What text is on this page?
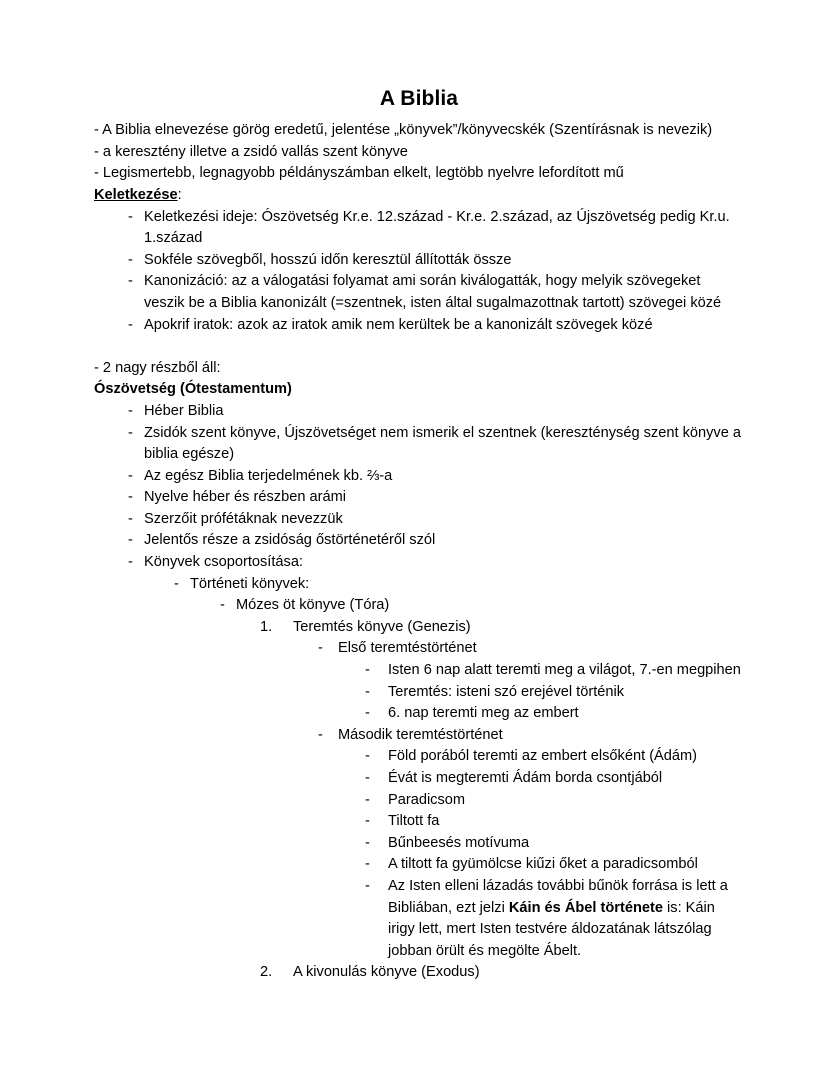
A Biblia

- A Biblia elnevezése görög eredetű, jelentése „könyvek”/könyvecskék (Szentírásnak is nevezik)

- a keresztény illetve a zsidó vallás szent könyve

- Legismertebb, legnagyobb példányszámban elkelt, legtöbb nyelvre lefordított mű

Keletkezése:

- Keletkezési ideje: Ószövetség Kr.e. 12.század - Kr.e. 2.század, az Újszövetség pedig Kr.u. 1.század
- Sokféle szövegből, hosszú időn keresztül állították össze
- Kanonizáció: az a válogatási folyamat ami során kiválogatták, hogy melyik szövegeket veszik be a Biblia kanonizált (=szentnek, isten által sugalmazottnak tartott) szövegei közé
- Apokrif iratok: azok az iratok amik nem kerültek be a kanonizált szövegek közé

- 2 nagy részből áll:

Ószövetség (Ótestamentum)

- Héber Biblia
- Zsidók szent könyve, Újszövetséget nem ismerik el szentnek (kereszténység szent könyve a biblia egésze)
- Az egész Biblia terjedelmének kb. ⅔-a
- Nyelve héber és részben arámi
- Szerzőit prófétáknak nevezzük
- Jelentős része a zsidóság őstörténetéről szól
- Könyvek csoportosítása:
- Történeti könyvek:
- Mózes öt könyve (Tóra)
1. Teremtés könyve (Genezis)
- Első teremtéstörténet
- Isten 6 nap alatt teremti meg a világot, 7.-en megpihen
- Teremtés: isteni szó erejével történik
- 6. nap teremti meg az embert
- Második teremtéstörténet
- Föld porából teremti az embert elsőként (Ádám)
- Évát is megteremti Ádám borda csontjából
- Paradicsom
- Tiltott fa
- Bűnbeesés motívuma
- A tiltott fa gyümölcse kiűzi őket a paradicsomból
- Az Isten elleni lázadás további bűnök forrása is lett a Bibliában, ezt jelzi Káin és Ábel története is: Káin irigy lett, mert Isten testvére áldozatának látszólag jobban örült és megölte Ábelt.
2. A kivonulás könyve (Exodus)
